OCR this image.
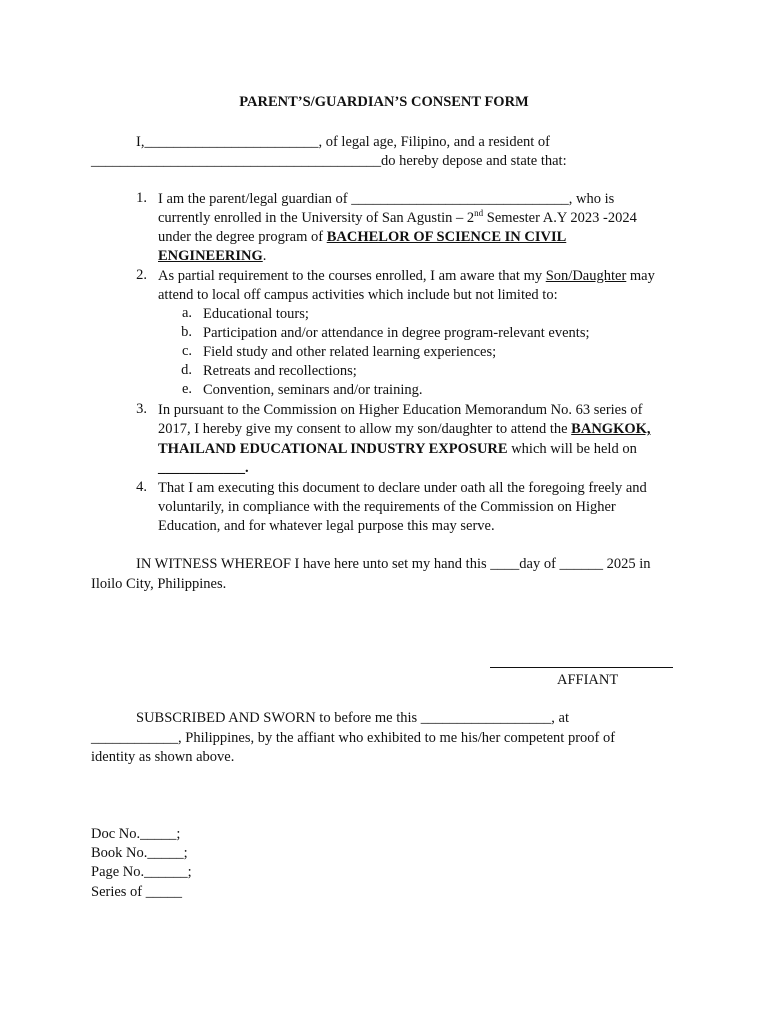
PARENT’S/GUARDIAN’S CONSENT FORM
I,________________________, of legal age, Filipino, and a resident of
________________________________________do hereby depose and state that:
1. I am the parent/legal guardian of ______________________________, who is
currently enrolled in the University of San Agustin – 2nd Semester A.Y 2023 -2024
under the degree program of BACHELOR OF SCIENCE IN CIVIL
ENGINEERING.
2. As partial requirement to the courses enrolled, I am aware that my Son/Daughter may
attend to local off campus activities which include but not limited to:
a. Educational tours;
b. Participation and/or attendance in degree program-relevant events;
c. Field study and other related learning experiences;
d. Retreats and recollections;
e. Convention, seminars and/or training.
3. In pursuant to the Commission on Higher Education Memorandum No. 63 series of
2017, I hereby give my consent to allow my son/daughter to attend the BANGKOK,
THAILAND EDUCATIONAL INDUSTRY EXPOSURE which will be held on
____________.
4. That I am executing this document to declare under oath all the foregoing freely and
voluntarily, in compliance with the requirements of the Commission on Higher
Education, and for whatever legal purpose this may serve.
IN WITNESS WHEREOF I have here unto set my hand this ____day of ______ 2025 in
Iloilo City, Philippines.
AFFIANT
SUBSCRIBED AND SWORN to before me this __________________, at
____________, Philippines, by the affiant who exhibited to me his/her competent proof of
identity as shown above.
Doc No._____;
Book No._____;
Page No.______;
Series of _____
